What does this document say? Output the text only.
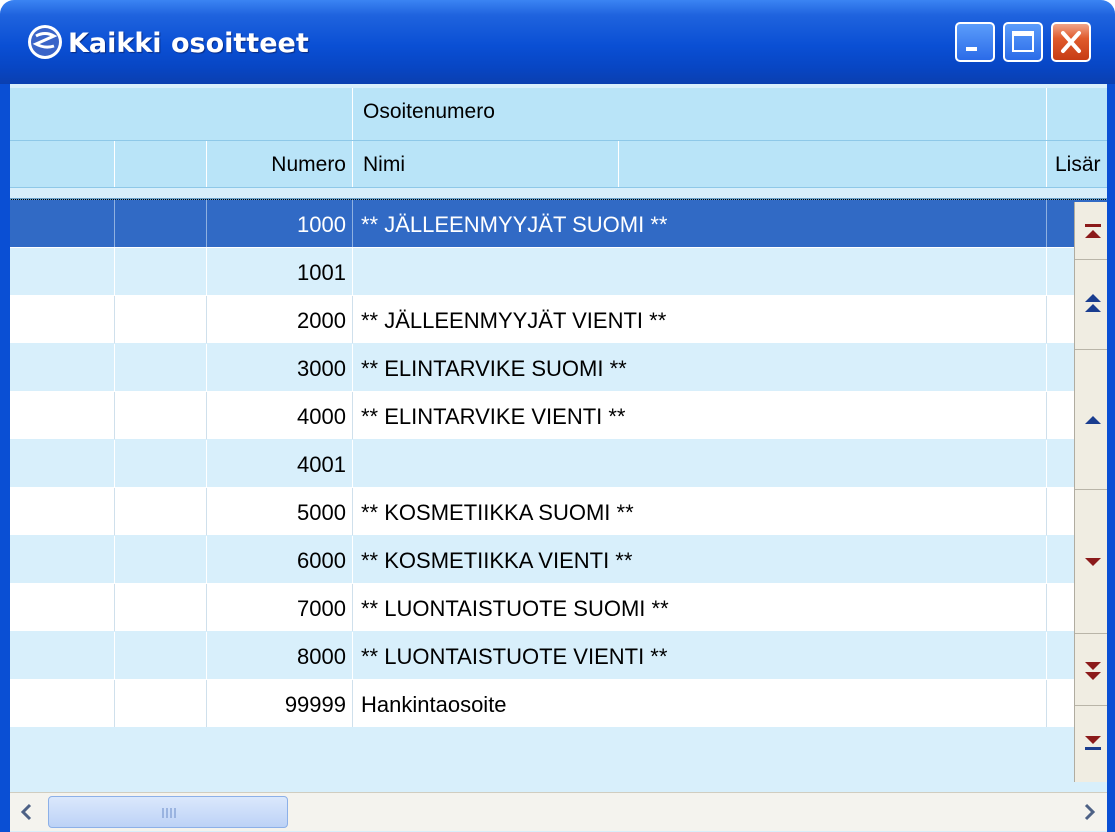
Kaikki osoitteet
Osoitenumero
Numero Nimi	Lisär
1000 ** JÄLLEENMYYJÄT SUOMI **
1001
2000 ** JÄLLEENMYYJÄT VIENTI **
3000 ** ELINTARVIKE SUOMI **
4000 ** ELINTARVIKE VIENTI **
4001
5000 ** KOSMETIIKKA SUOMI **
6000 ** KOSMETIIKKA VIENTI **
7000 ** LUONTAISTUOTE SUOMI **
8000 ** LUONTAISTUOTE VIENTI **
99999 Hankintaosoite
